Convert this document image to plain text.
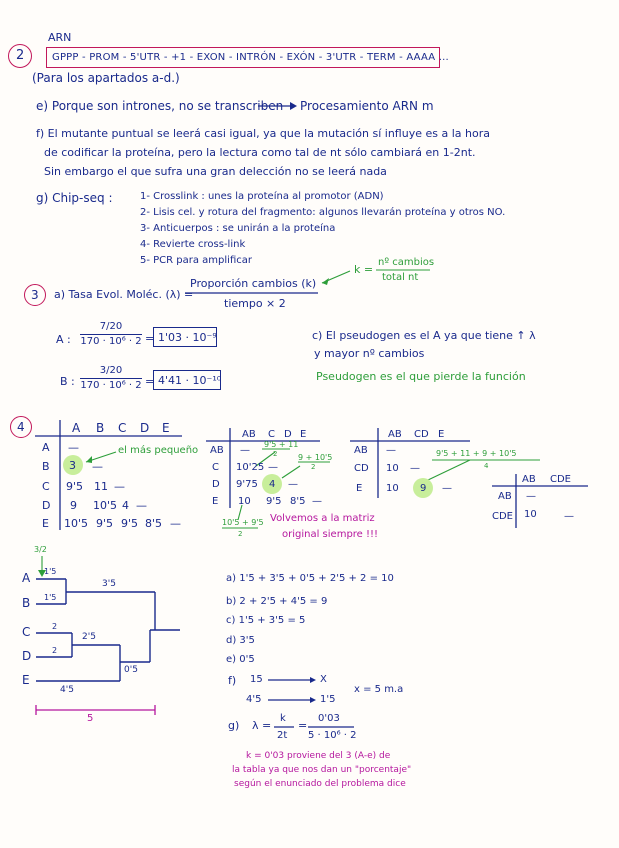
2
ARN
GPPP - PROM - 5'UTR - +1 - EXON - INTRÓN - EXÓN - 3'UTR - TERM - AAAA ...
(Para los apartados a-d.)
e) Porque son intrones, no se transcriben Procesamiento ARN m
f) El mutante puntual se leerá casi igual, ya que la mutación sí influye es a la hora
de codificar la proteína, pero la lectura como tal de nt sólo cambiará en 1-2nt.
Sin embargo el que sufra una gran delección no se leerá nada
g) Chip-seq :	1- Crosslink : unes la proteína al promotor (ADN)
2- Lisis cel. y rotura del fragmento: algunos llevarán proteína y otros NO.
3- Anticuerpos : se unirán a la proteína
4- Revierte cross-link
5- PCR para amplificar
3 a) Tasa Evol. Moléc. (λ) =
Proporción cambios (k)
tiempo × 2
k =
nº cambios
total nt
A : $\frac{7/20}{\text{170 · 10⁶ · 2}} = 1'03 \cdot 10^{-9}$
B : $\frac{3/20}{\text{170 · 10⁶ · 2}} = 4'41 \cdot 10^{-10}$
c) El pseudogen es el A ya que tiene ↑ λ
y mayor nº cambios
Pseudogen es el que pierde la función
4	A B C D E
A —
B 3 —
el más pequeño
C 9'5 11 —
D 9 10'5 4 —
E 10'5 9'5 9'5 8'5 —
AB C D E
9'5 + 11
2	9 + 10'5
2
AB —
C 10'25 —
D 9'75 4 —
E 10 9'5 8'5 —
10'5 + 9'5
2
Volvemos a la matriz
original siempre !!!
AB CD E
9'5 + 11 + 9 + 10'5
4
AB —
CD 10 —
E 10 9 —
AB CDE
AB —
CDE 10	—
3/2
A
B
C
D
E
1'5
1'5
3'5
2
2
2'5
0'5
4'5
5
a) 1'5 + 3'5 + 0'5 + 2'5 + 2 = 10
b) 2 + 2'5 + 4'5 = 9
c) 1'5 + 3'5 = 5
d) 3'5
e) 0'5
f) 15	X
4'5	1'5
x = 5 m.a
g) λ =
k
2t
=
0'03
5 · 10⁶ · 2
k = 0'03 proviene del 3 (A-e) de
la tabla ya que nos dan un "porcentaje"
según el enunciado del problema dice
